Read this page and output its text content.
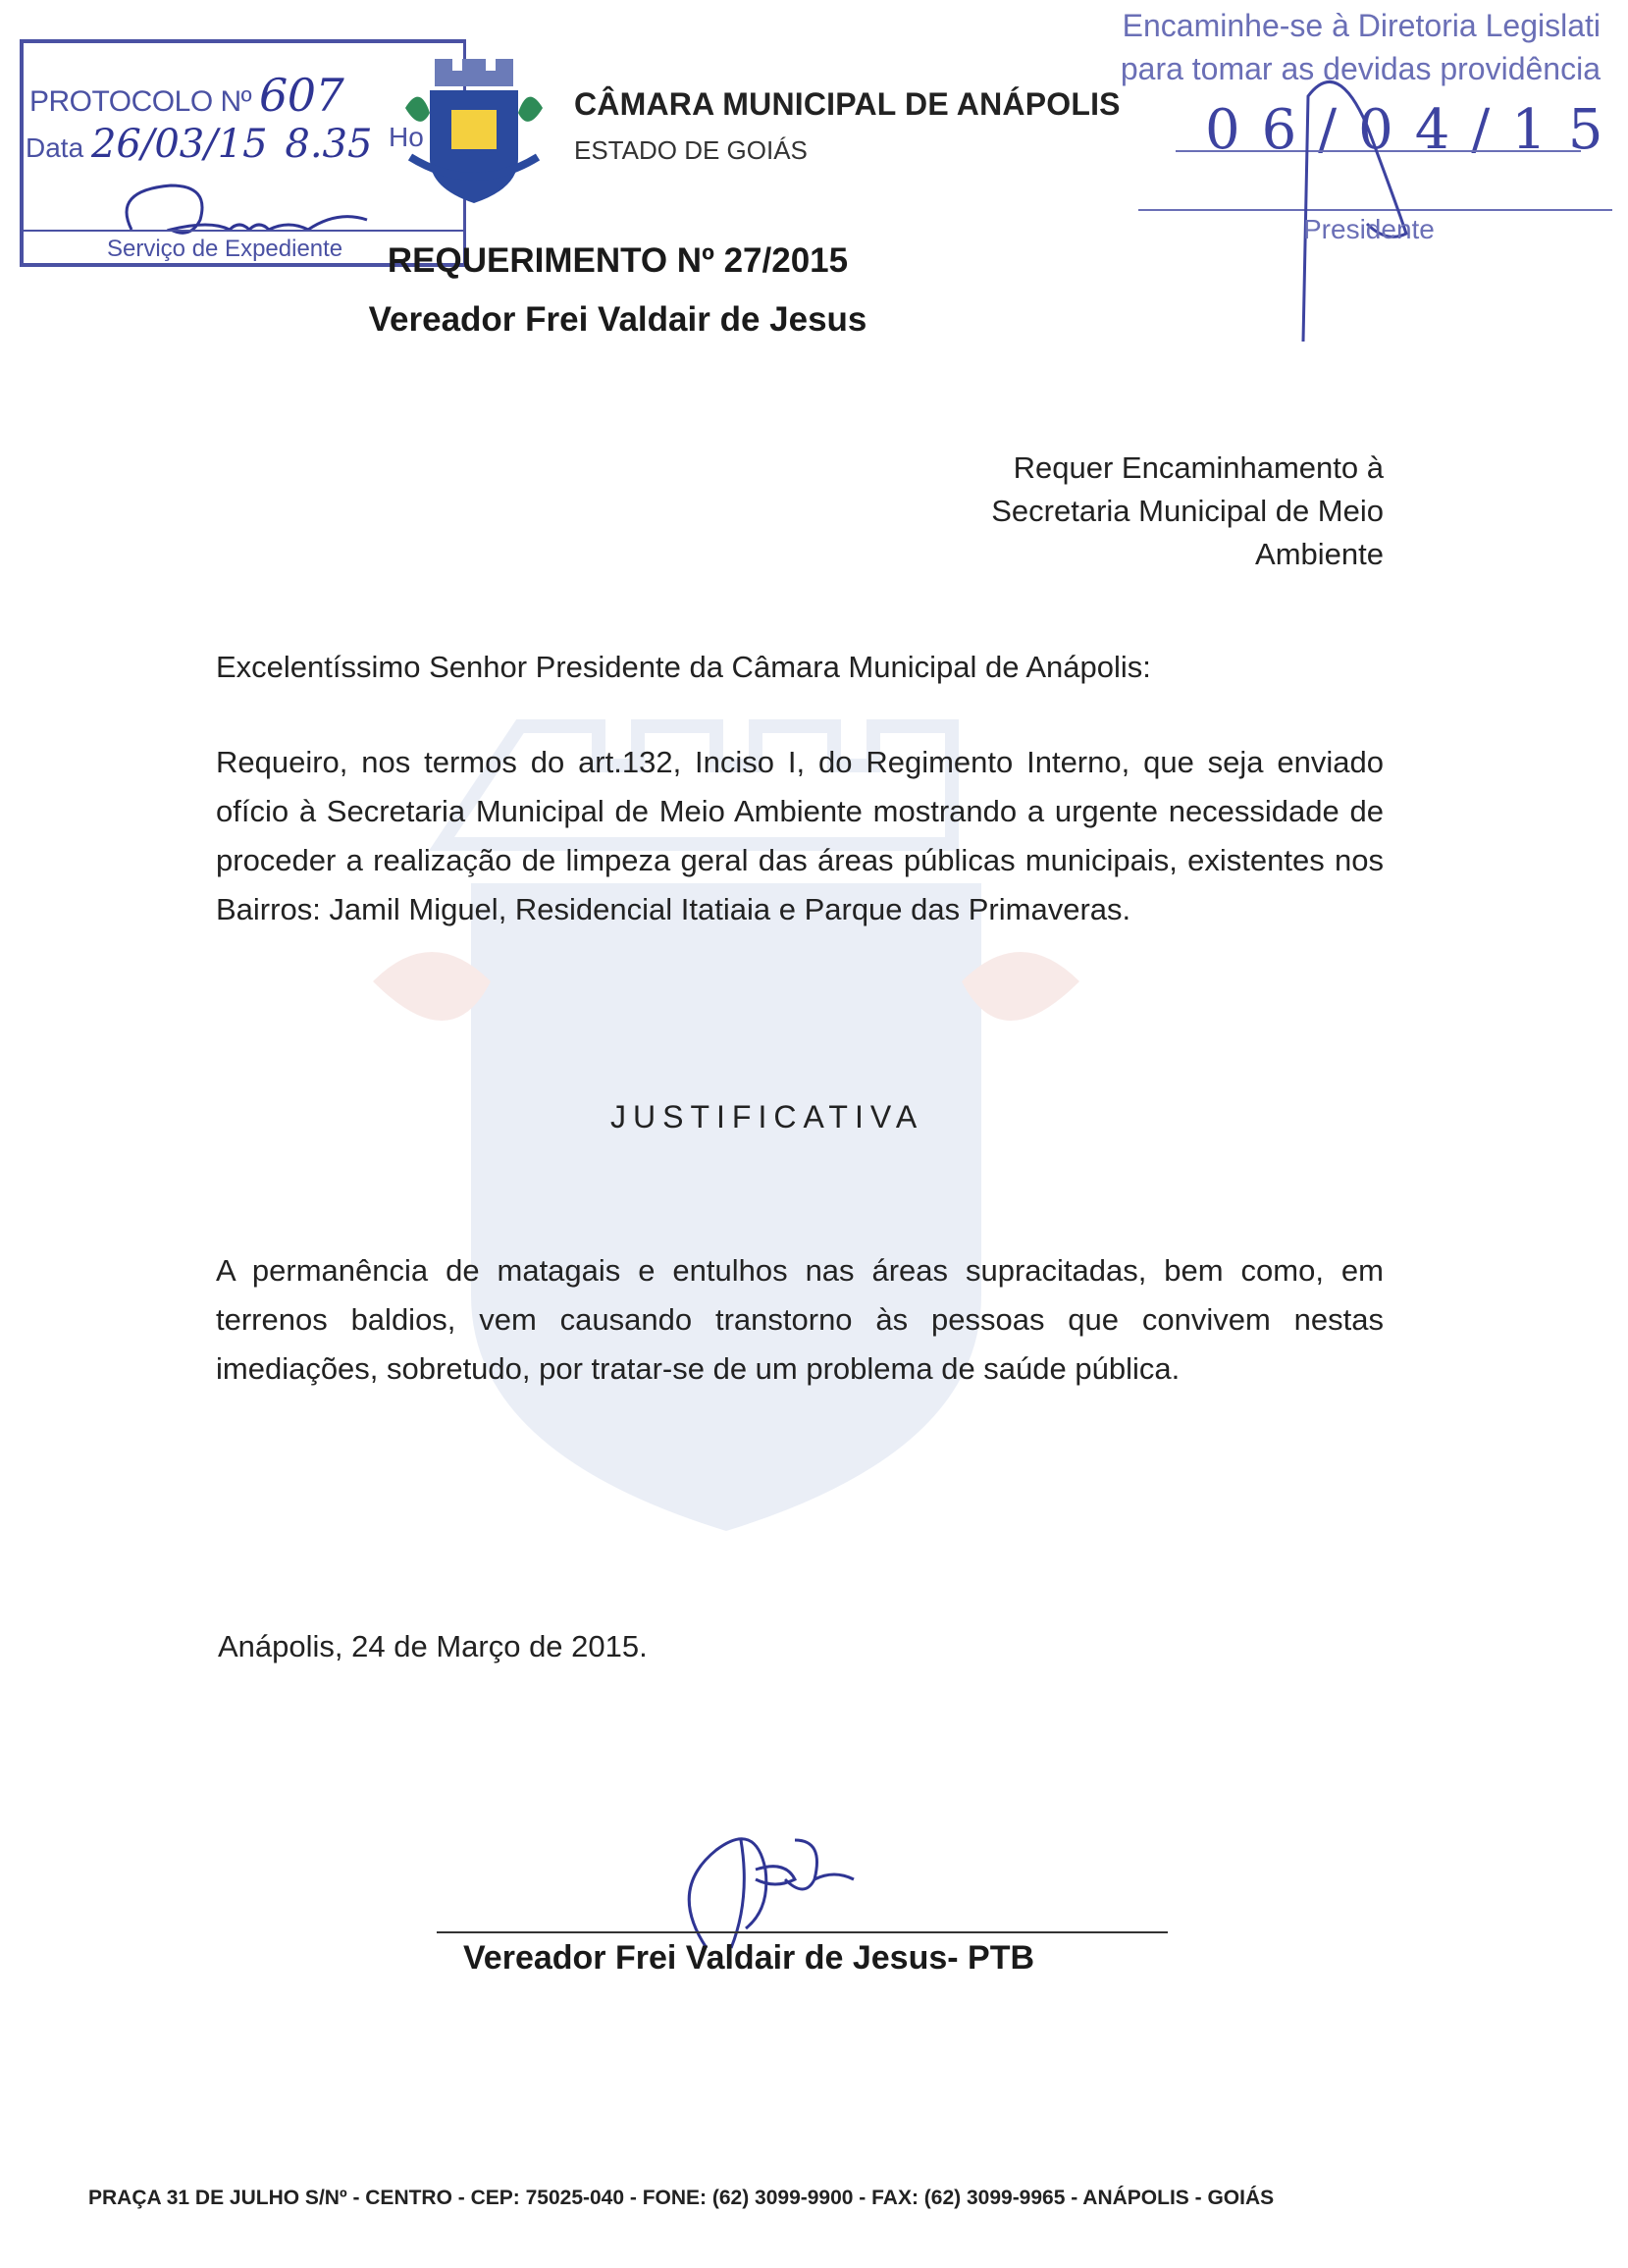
PROTOCOLO Nº 607
Data 26/03/15 8.35 Ho
Serviço de Expediente
CÂMARA MUNICIPAL DE ANÁPOLIS
ESTADO DE GOIÁS
Encaminhe-se à Diretoria Legislati
para tomar as devidas providência
06/04/15
Presidente
REQUERIMENTO Nº 27/2015
Vereador Frei Valdair de Jesus
Requer Encaminhamento à
Secretaria Municipal de Meio
Ambiente
Excelentíssimo Senhor Presidente da Câmara Municipal de Anápolis:
Requeiro, nos termos do art.132, Inciso I, do Regimento Interno, que seja enviado ofício à Secretaria Municipal de Meio Ambiente mostrando a urgente necessidade de proceder a realização de limpeza geral das áreas públicas municipais, existentes nos Bairros: Jamil Miguel, Residencial Itatiaia e Parque das Primaveras.
JUSTIFICATIVA
A permanência de matagais e entulhos nas áreas supracitadas, bem como, em terrenos baldios, vem causando transtorno às pessoas que convivem nestas imediações, sobretudo, por tratar-se de um problema de saúde pública.
Anápolis, 24 de Março de 2015.
Vereador Frei Valdair de Jesus- PTB
PRAÇA 31 DE JULHO S/Nº - CENTRO - CEP: 75025-040 - FONE: (62) 3099-9900 - FAX: (62) 3099-9965 - ANÁPOLIS - GOIÁS
